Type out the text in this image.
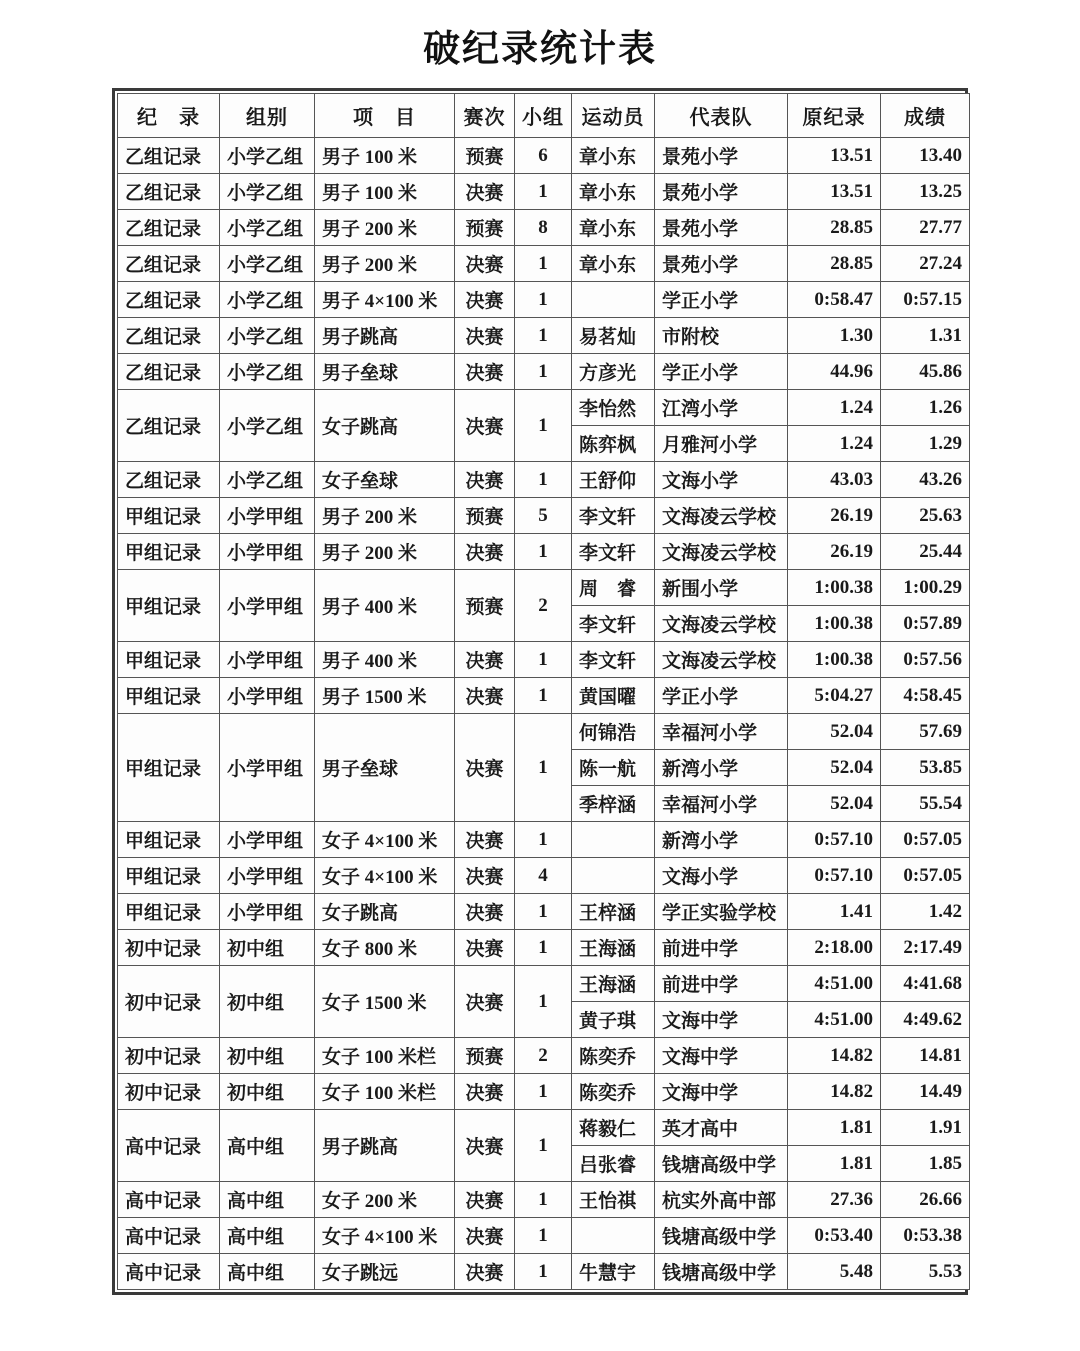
破纪录统计表
纪　录	组别	项　目	赛次	小组	运动员	代表队	原纪录	成绩
乙组记录	小学乙组	男子 100 米	预赛	6	章小东	景苑小学	13.51	13.40
乙组记录	小学乙组	男子 100 米	决赛	1	章小东	景苑小学	13.51	13.25
乙组记录	小学乙组	男子 200 米	预赛	8	章小东	景苑小学	28.85	27.77
乙组记录	小学乙组	男子 200 米	决赛	1	章小东	景苑小学	28.85	27.24
乙组记录	小学乙组	男子 4×100 米	决赛	1		学正小学	0:58.47	0:57.15
乙组记录	小学乙组	男子跳高	决赛	1	易茗灿	市附校	1.30	1.31
乙组记录	小学乙组	男子垒球	决赛	1	方彦光	学正小学	44.96	45.86
乙组记录	小学乙组	女子跳高	决赛	1	李怡然	江湾小学	1.24	1.26
					陈弈枫	月雅河小学	1.24	1.29
乙组记录	小学乙组	女子垒球	决赛	1	王舒仰	文海小学	43.03	43.26
甲组记录	小学甲组	男子 200 米	预赛	5	李文轩	文海凌云学校	26.19	25.63
甲组记录	小学甲组	男子 200 米	决赛	1	李文轩	文海凌云学校	26.19	25.44
甲组记录	小学甲组	男子 400 米	预赛	2	周　睿	新围小学	1:00.38	1:00.29
					李文轩	文海凌云学校	1:00.38	0:57.89
甲组记录	小学甲组	男子 400 米	决赛	1	李文轩	文海凌云学校	1:00.38	0:57.56
甲组记录	小学甲组	男子 1500 米	决赛	1	黄国曜	学正小学	5:04.27	4:58.45
甲组记录	小学甲组	男子垒球	决赛	1	何锦浩	幸福河小学	52.04	57.69
					陈一航	新湾小学	52.04	53.85
					季梓涵	幸福河小学	52.04	55.54
甲组记录	小学甲组	女子 4×100 米	决赛	1		新湾小学	0:57.10	0:57.05
甲组记录	小学甲组	女子 4×100 米	决赛	4		文海小学	0:57.10	0:57.05
甲组记录	小学甲组	女子跳高	决赛	1	王梓涵	学正实验学校	1.41	1.42
初中记录	初中组	女子 800 米	决赛	1	王海涵	前进中学	2:18.00	2:17.49
初中记录	初中组	女子 1500 米	决赛	1	王海涵	前进中学	4:51.00	4:41.68
					黄子琪	文海中学	4:51.00	4:49.62
初中记录	初中组	女子 100 米栏	预赛	2	陈奕乔	文海中学	14.82	14.81
初中记录	初中组	女子 100 米栏	决赛	1	陈奕乔	文海中学	14.82	14.49
高中记录	高中组	男子跳高	决赛	1	蒋毅仁	英才高中	1.81	1.91
					吕张睿	钱塘高级中学	1.81	1.85
高中记录	高中组	女子 200 米	决赛	1	王怡祺	杭实外高中部	27.36	26.66
高中记录	高中组	女子 4×100 米	决赛	1		钱塘高级中学	0:53.40	0:53.38
高中记录	高中组	女子跳远	决赛	1	牛慧宇	钱塘高级中学	5.48	5.53
